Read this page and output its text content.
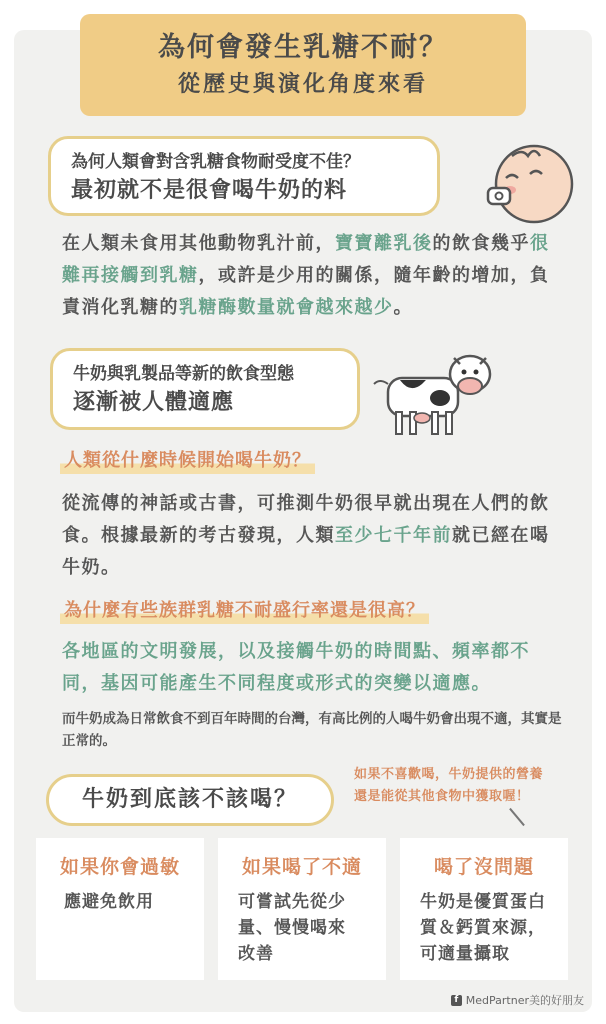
為何會發生乳糖不耐？
從歷史與演化角度來看
為何人類會對含乳糖食物耐受度不佳？
最初就不是很會喝牛奶的料
在人類未食用其他動物乳汁前，寶寶離乳後的飲食幾乎很難再接觸到乳糖，或許是少用的關係，隨年齡的增加，負責消化乳糖的乳糖酶數量就會越來越少。
牛奶與乳製品等新的飲食型態
逐漸被人體適應
人類從什麼時候開始喝牛奶？
從流傳的神話或古書，可推測牛奶很早就出現在人們的飲食。根據最新的考古發現，人類至少七千年前就已經在喝牛奶。
為什麼有些族群乳糖不耐盛行率還是很高？
各地區的文明發展，以及接觸牛奶的時間點、頻率都不同，基因可能產生不同程度或形式的突變以適應。
而牛奶成為日常飲食不到百年時間的台灣，有高比例的人喝牛奶會出現不適，其實是正常的。
牛奶到底該不該喝？
如果不喜歡喝，牛奶提供的營養
還是能從其他食物中獲取喔！
如果你會過敏
應避免飲用
如果喝了不適
可嘗試先從少
量、慢慢喝來
改善
喝了沒問題
牛奶是優質蛋白
質＆鈣質來源，
可適量攝取
f MedPartner美的好朋友
